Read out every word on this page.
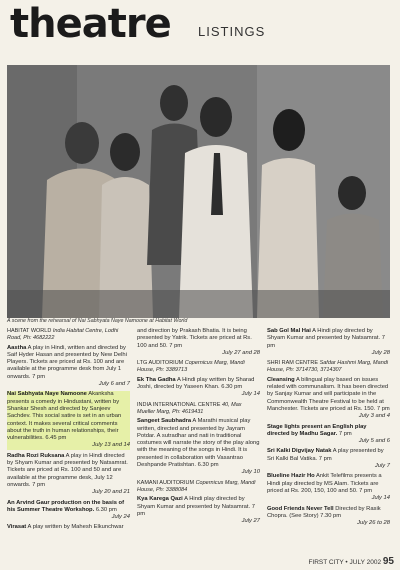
theatre LISTINGS
A scene from the rehearsal of Nai Sabhyata Naye Namoone at Habitat World
HABITAT WORLD India Habitat Centre, Lodhi Road, Ph: 4682222
Aastha A play in Hindi, written and directed by Saif Hyder Hasan and presented by New Delhi Players. Tickets are priced at Rs. 100 and are available at the programme desk from July 1 onwards. 7 pm
July 6 and 7
Nai Sabhyata Naye Namoone Akanksha presents a comedy in Hindustani, written by Shankar Shesh and directed by Sanjeev Sachdev. This social satire is set in an urban context. It makes several critical comments about the truth in human relationships, their vulnerabilities. 6.45 pm
July 13 and 14
Radha Rozi Ruksana A play in Hindi directed by Shyam Kumar and presented by Natsamrat. Tickets are priced at Rs. 100 and 50 and are available at the programme desk, July 12 onwards. 7 pm
July 20 and 21
An Arvind Gaur production on the basis of his Summer Theatre Workshop. 6.30 pm
July 24
Virasat A play written by Mahesh Elkunchwar
and direction by Prakash Bhatia. It is being presented by Yatrik. Tickets are priced at Rs. 100 and 50. 7 pm
July 27 and 28
LTG AUDITORIUM Copernicus Marg, Mandi House, Ph: 3389713
Ek Tha Gadha A Hindi play written by Sharad Joshi, directed by Yaseen Khan. 6.30 pm
July 14
INDIA INTERNATIONAL CENTRE 40, Max Mueller Marg, Ph: 4619431
Sangeet Saubhadra A Marathi musical play written, directed and presented by Jayram Potdar. A sutradhar and nati in traditional costumes will narrate the story of the play along with the meaning of the songs in Hindi. It is presented in collaboration with Vasantrao Deshpande Pratishtan. 6.30 pm
July 10
KAMANI AUDITORIUM Copernicus Marg, Mandi House, Ph: 3388084
Kya Karega Qazi A Hindi play directed by Shyam Kumar and presented by Natsamrat. 7 pm
July 27
Sab Gol Mal Hai A Hindi play directed by Shyam Kumar and presented by Natsamrat. 7 pm
July 28
SHRI RAM CENTRE Safdar Hashmi Marg, Mandi House, Ph: 3714730, 3714307
Cleansing A bilingual play based on issues related with communalism. It has been directed by Sanjay Kumar and will participate in the Commonwealth Theatre Festival to be held at Manchester. Tickets are priced at Rs. 150. 7 pm
July 3 and 4
Stage lights present an English play directed by Madhu Sagar. 7 pm
July 5 and 6
Sri Kalki Digvijay Natak A play presented by Sri Kalki Bal Vatika. 7 pm
July 7
Blueline Hazir Ho Ankit Telefilms presents a Hindi play directed by MS Alam. Tickets are priced at Rs. 200, 150, 100 and 50. 7 pm
July 14
Good Friends Never Tell Directed by Rasik Chopra. (See Story) 7.30 pm
July 26 to 28
FIRST CITY • JULY 2002 95
